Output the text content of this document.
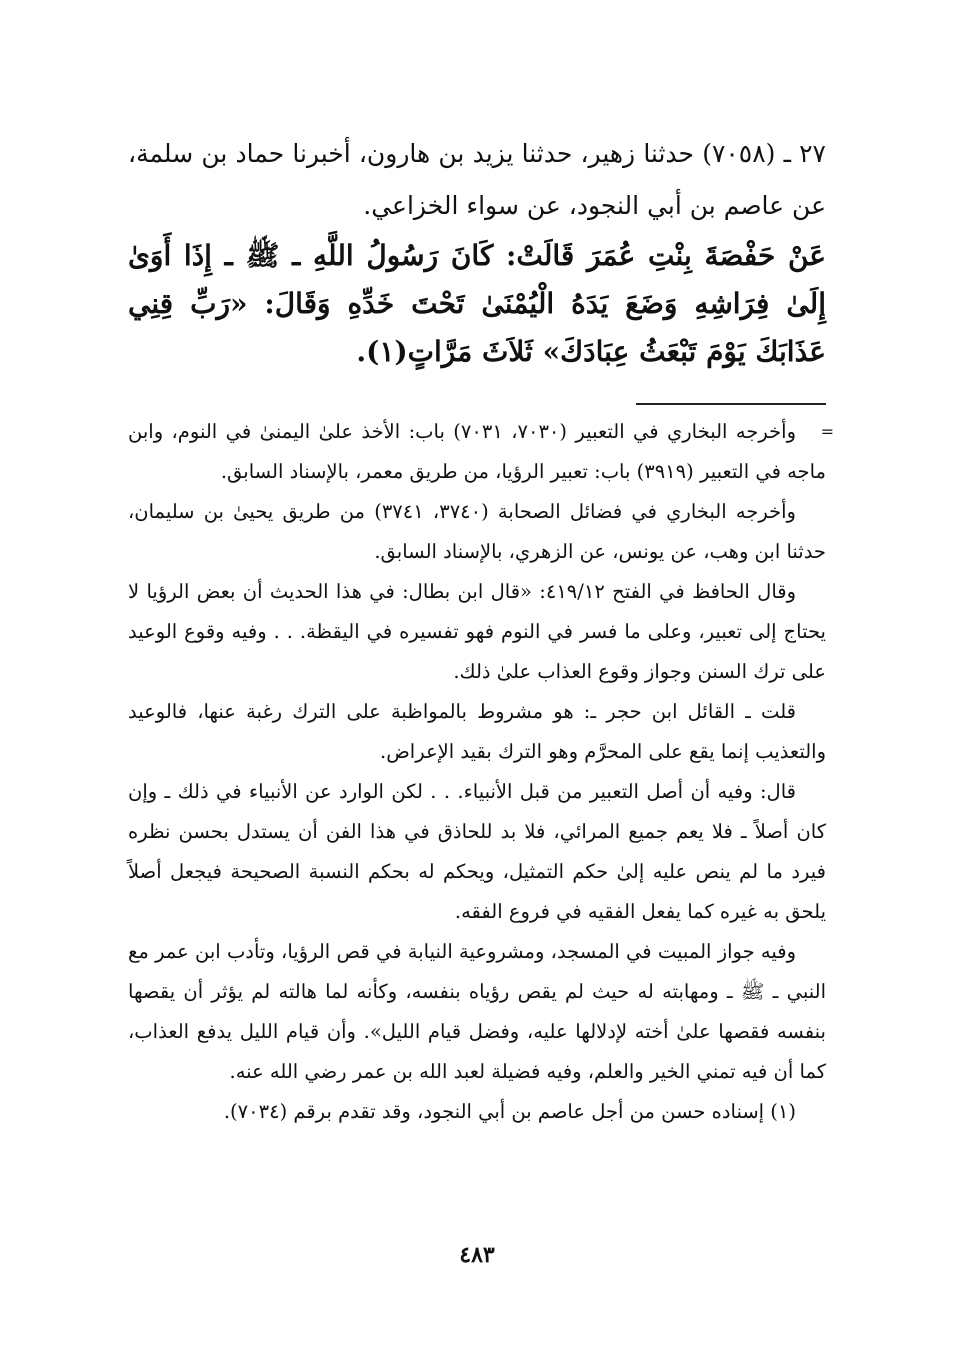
٢٧ ـ (٧٠٥٨) حدثنا زهير، حدثنا يزيد بن هارون، أخبرنا حماد بن سلمة، عن عاصم بن أبي النجود، عن سواء الخزاعي.

عَنْ حَفْصَةَ بِنْتِ عُمَرَ قَالَتْ: كَانَ رَسُولُ اللَّهِ ـ ﷺ ـ إِذَا أَوَىٰ إِلَىٰ فِرَاشِهِ وَضَعَ يَدَهُ الْيُمْنَىٰ تَحْتَ خَدِّهِ وَقَالَ: «رَبِّ قِنِي عَذَابَكَ يَوْمَ تَبْعَثُ عِبَادَكَ» ثَلاَثَ مَرَّاتٍ(١).

=

وأخرجه البخاري في التعبير (٧٠٣٠، ٧٠٣١) باب: الأخذ علىٰ اليمنىٰ في النوم، وابن ماجه في التعبير (٣٩١٩) باب: تعبير الرؤيا، من طريق معمر، بالإسناد السابق.

وأخرجه البخاري في فضائل الصحابة (٣٧٤٠، ٣٧٤١) من طريق يحيىٰ بن سليمان، حدثنا ابن وهب، عن يونس، عن الزهري، بالإسناد السابق.

وقال الحافظ في الفتح ٤١٩/١٢: «قال ابن بطال: في هذا الحديث أن بعض الرؤيا لا يحتاج إلى تعبير، وعلى ما فسر في النوم فهو تفسيره في اليقظة. . . وفيه وقوع الوعيد على ترك السنن وجواز وقوع العذاب علىٰ ذلك.

قلت ـ القائل ابن حجر ـ: هو مشروط بالمواظبة على الترك رغبة عنها، فالوعيد والتعذيب إنما يقع على المحرَّم وهو الترك بقيد الإعراض.

قال: وفيه أن أصل التعبير من قبل الأنبياء. . . لكن الوارد عن الأنبياء في ذلك ـ وإن كان أصلاً ـ فلا يعم جميع المرائي، فلا بد للحاذق في هذا الفن أن يستدل بحسن نظره فيرد ما لم ينص عليه إلىٰ حكم التمثيل، ويحكم له بحكم النسبة الصحيحة فيجعل أصلاً يلحق به غيره كما يفعل الفقيه في فروع الفقه.

وفيه جواز المبيت في المسجد، ومشروعية النيابة في قص الرؤيا، وتأدب ابن عمر مع النبي ـ ﷺ ـ ومهابته له حيث لم يقص رؤياه بنفسه، وكأنه لما هالته لم يؤثر أن يقصها بنفسه فقصها علىٰ أخته لإدلالها عليه، وفضل قيام الليل». وأن قيام الليل يدفع العذاب، كما أن فيه تمني الخير والعلم، وفيه فضيلة لعبد الله بن عمر رضي الله عنه.

(١) إسناده حسن من أجل عاصم بن أبي النجود، وقد تقدم برقم (٧٠٣٤).

٤٨٣
